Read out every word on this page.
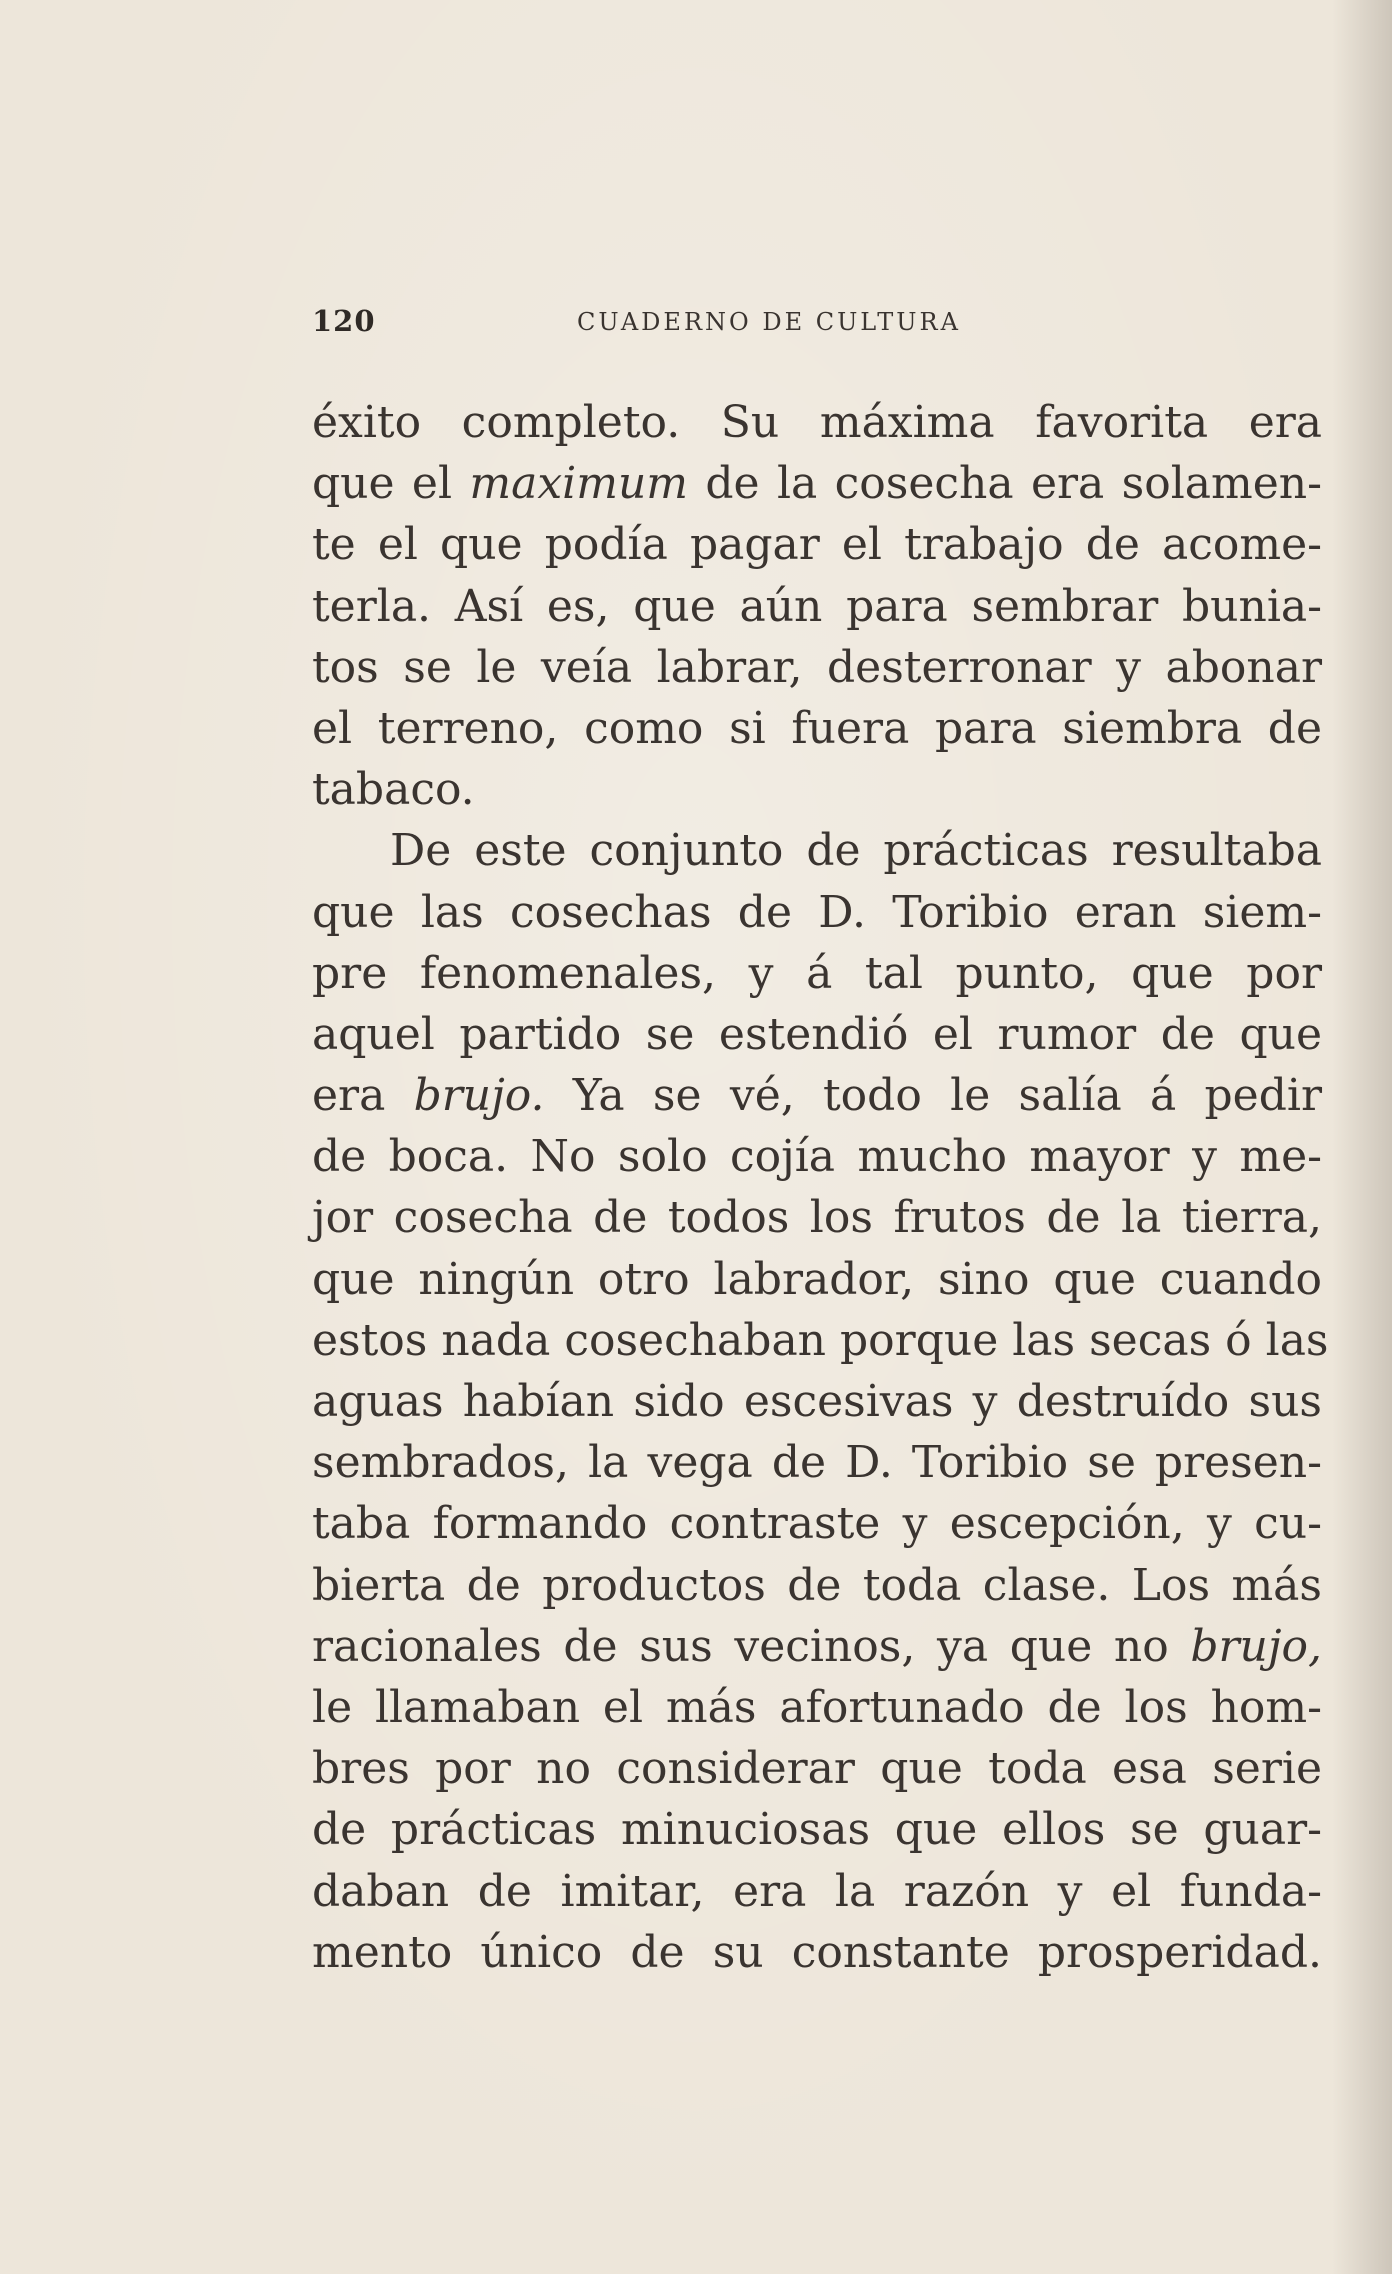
120	CUADERNO DE CULTURA
éxito completo. Su máxima favorita era
que el maximum de la cosecha era solamen-
te el que podía pagar el trabajo de acome-
terla. Así es, que aún para sembrar bunia-
tos se le veía labrar, desterronar y abonar
el terreno, como si fuera para siembra de
tabaco.
De este conjunto de prácticas resultaba
que las cosechas de D. Toribio eran siem-
pre fenomenales, y á tal punto, que por
aquel partido se estendió el rumor de que
era brujo. Ya se vé, todo le salía á pedir
de boca. No solo cojía mucho mayor y me-
jor cosecha de todos los frutos de la tierra,
que ningún otro labrador, sino que cuando
estos nada cosechaban porque las secas ó las
aguas habían sido escesivas y destruído sus
sembrados, la vega de D. Toribio se presen-
taba formando contraste y escepción, y cu-
bierta de productos de toda clase. Los más
racionales de sus vecinos, ya que no brujo,
le llamaban el más afortunado de los hom-
bres por no considerar que toda esa serie
de prácticas minuciosas que ellos se guar-
daban de imitar, era la razón y el funda-
mento único de su constante prosperidad.
